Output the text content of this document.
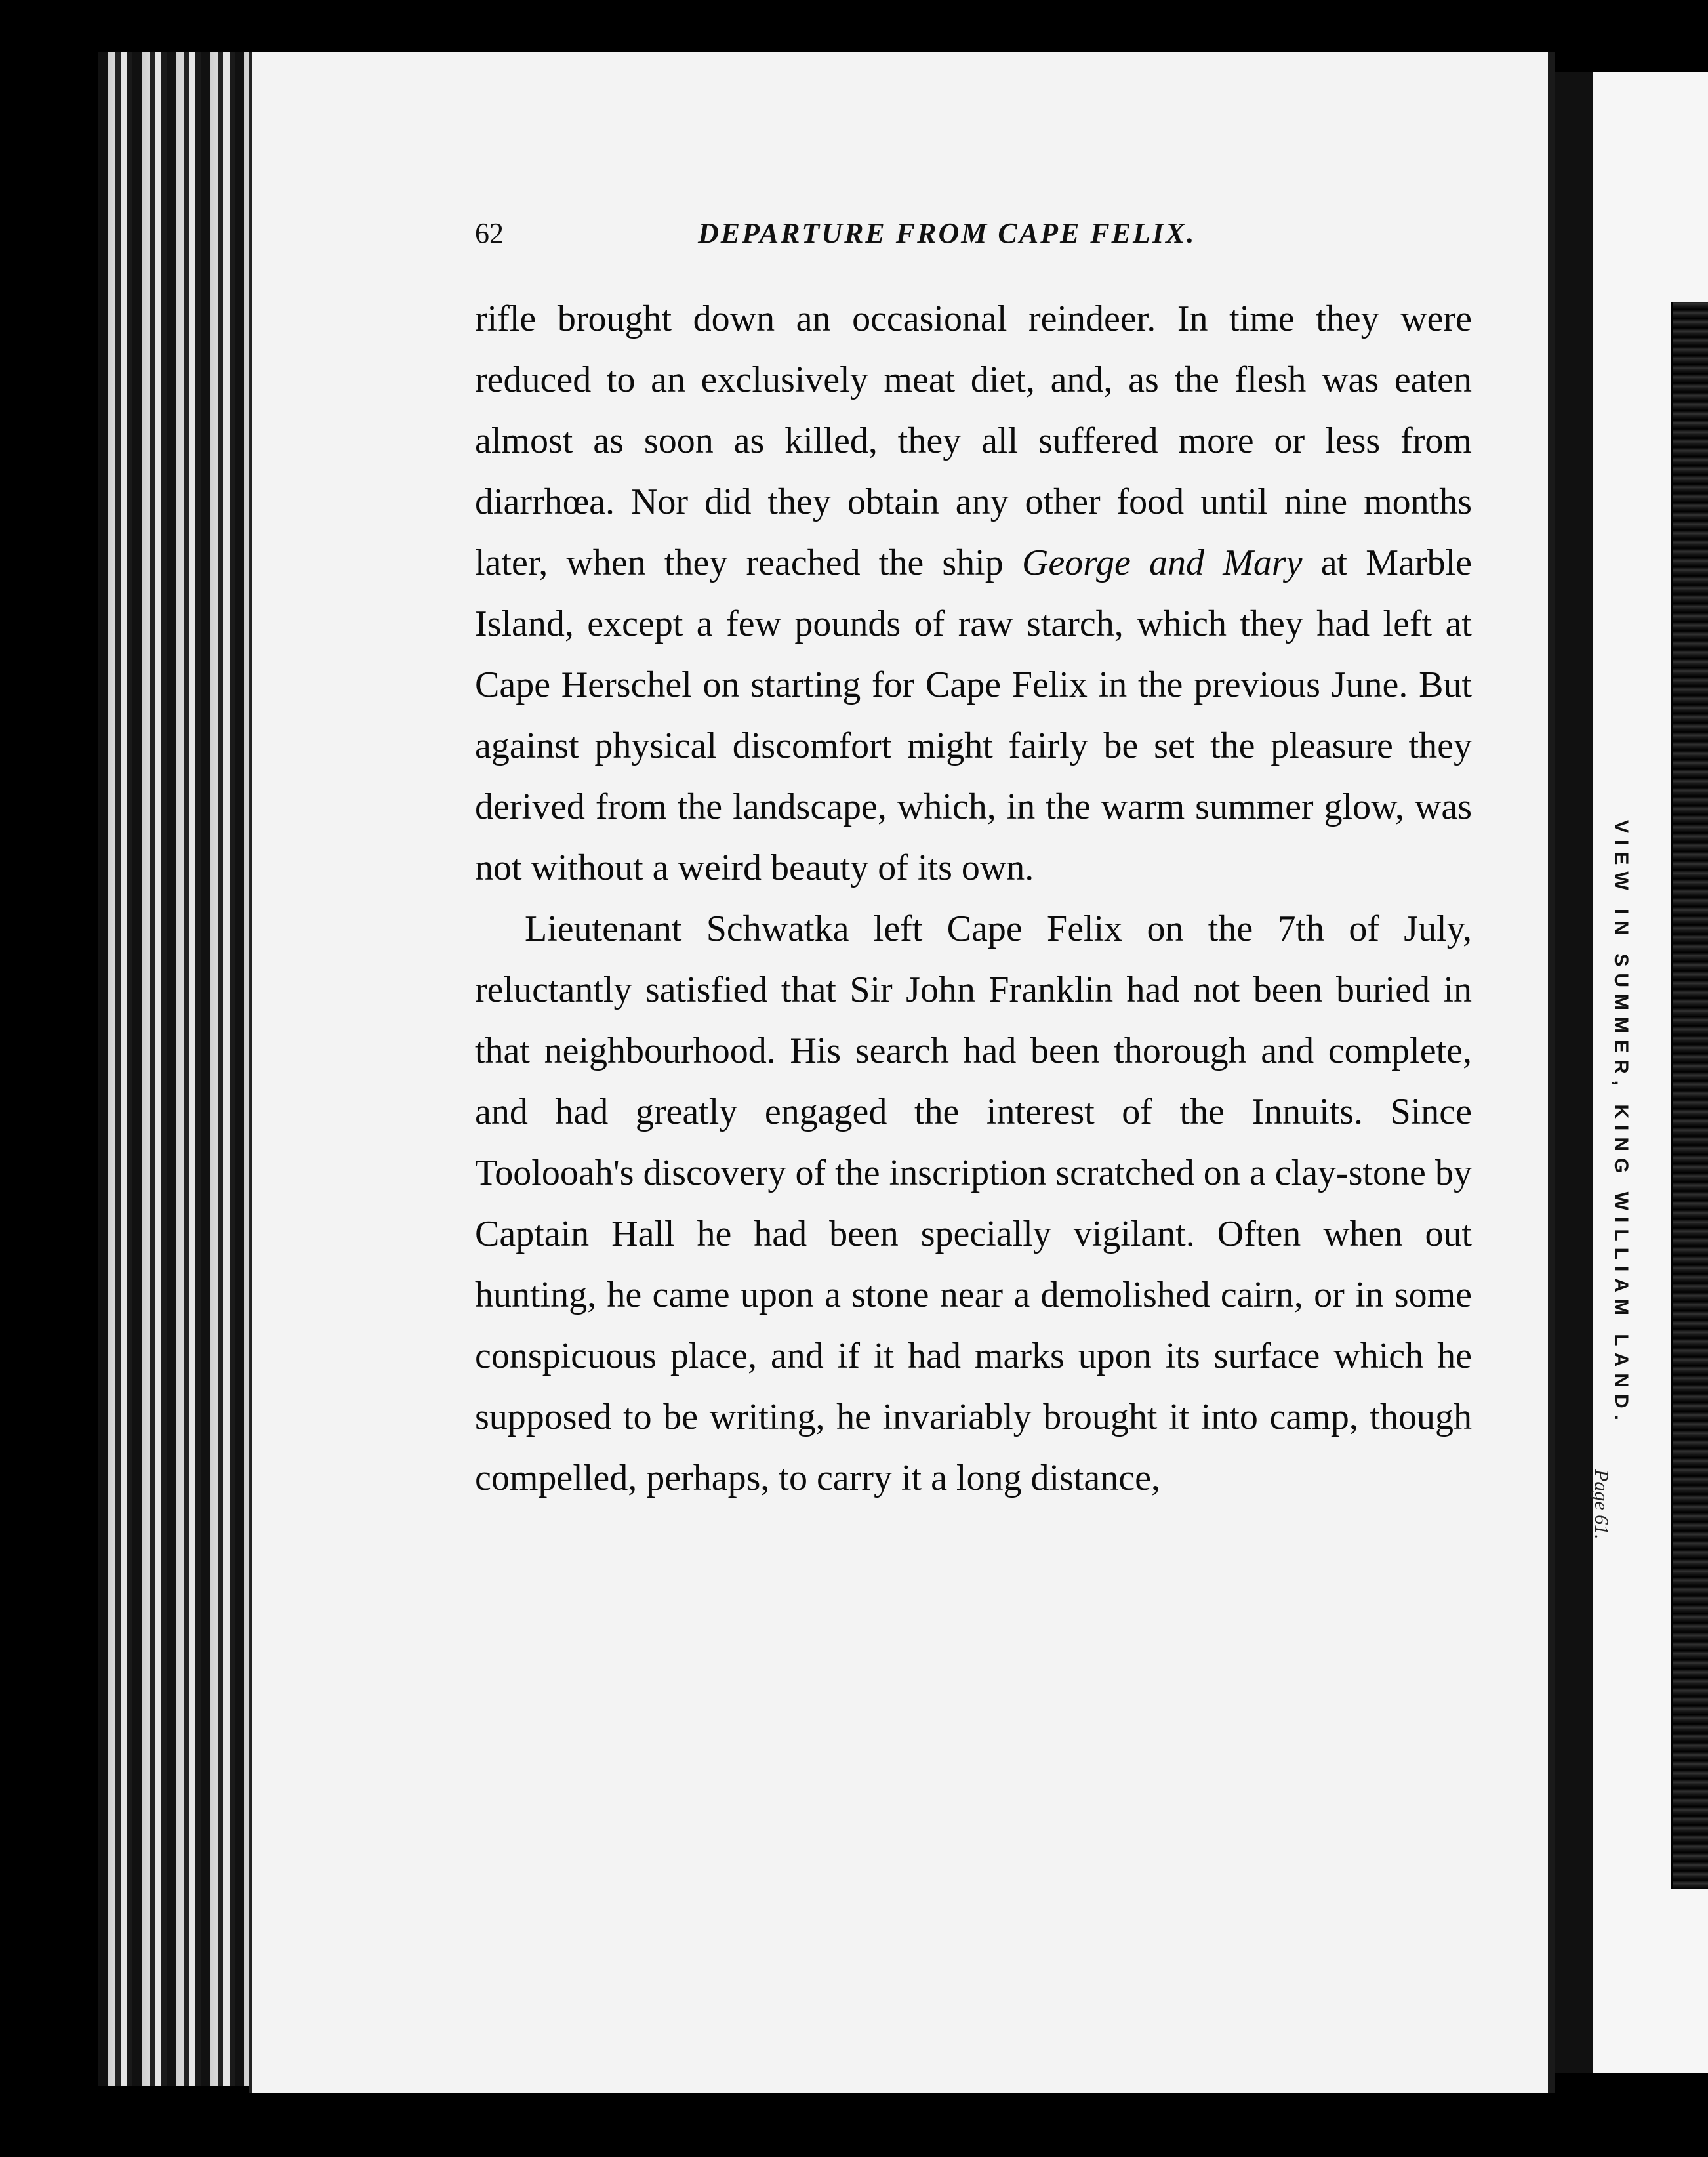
62	DEPARTURE FROM CAPE FELIX.

rifle brought down an occasional reindeer. In time they were reduced to an exclusively meat diet, and, as the flesh was eaten almost as soon as killed, they all suffered more or less from diarrhœa. Nor did they obtain any other food until nine months later, when they reached the ship George and Mary at Marble Island, except a few pounds of raw starch, which they had left at Cape Herschel on starting for Cape Felix in the previous June. But against physical discomfort might fairly be set the pleasure they derived from the landscape, which, in the warm summer glow, was not without a weird beauty of its own.

Lieutenant Schwatka left Cape Felix on the 7th of July, reluctantly satisfied that Sir John Franklin had not been buried in that neighbourhood. His search had been thorough and complete, and had greatly engaged the interest of the Innuits. Since Toolooah's discovery of the inscription scratched on a clay-stone by Captain Hall he had been specially vigilant. Often when out hunting, he came upon a stone near a demolished cairn, or in some conspicuous place, and if it had marks upon its surface which he supposed to be writing, he invariably brought it into camp, though compelled, perhaps, to carry it a long distance,

VIEW IN SUMMER, KING WILLIAM LAND.
Page 61.
